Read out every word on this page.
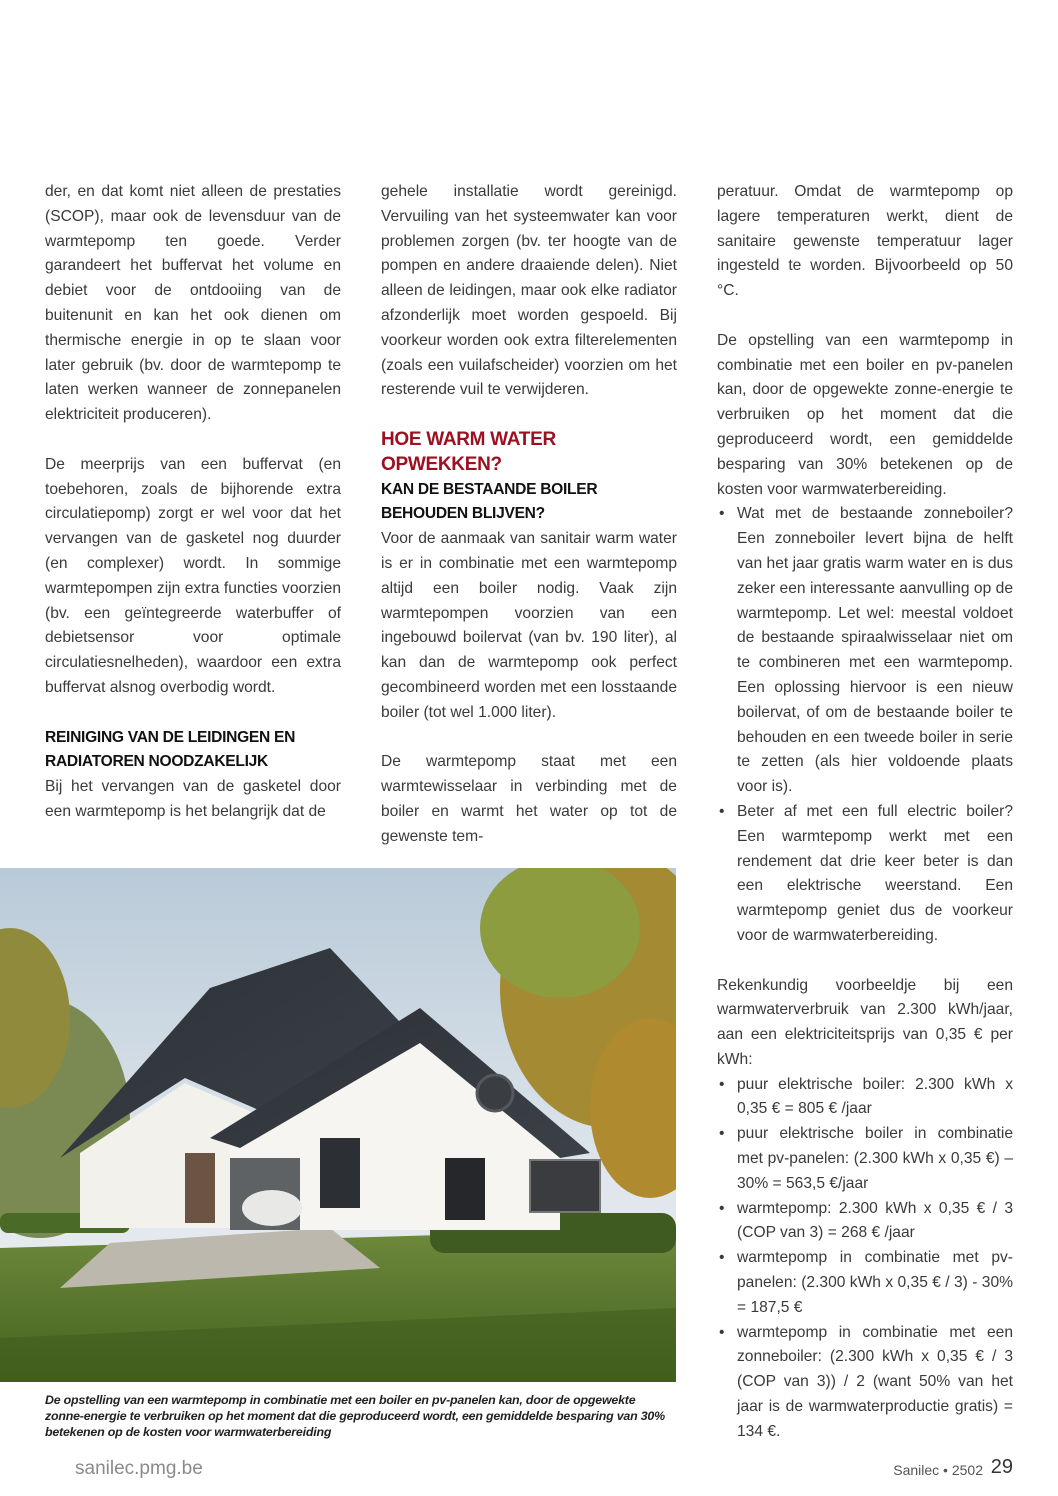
der, en dat komt niet alleen de prestaties (SCOP), maar ook de levensduur van de warmtepomp ten goede. Verder garandeert het buffervat het volume en debiet voor de ontdooiing van de buitenunit en kan het ook dienen om thermische energie in op te slaan voor later gebruik (bv. door de warmtepomp te laten werken wanneer de zonnepanelen elektriciteit produceren).

De meerprijs van een buffervat (en toebehoren, zoals de bijhorende extra circulatiepomp) zorgt er wel voor dat het vervangen van de gasketel nog duurder (en complexer) wordt. In sommige warmtepompen zijn extra functies voorzien (bv. een geïntegreerde waterbuffer of debietsensor voor optimale circulatiesnelheden), waardoor een extra buffervat alsnog overbodig wordt.

REINIGING VAN DE LEIDINGEN EN RADIATOREN NOODZAKELIJK

Bij het vervangen van de gasketel door een warmtepomp is het belangrijk dat de

gehele installatie wordt gereinigd. Vervuiling van het systeemwater kan voor problemen zorgen (bv. ter hoogte van de pompen en andere draaiende delen). Niet alleen de leidingen, maar ook elke radiator afzonderlijk moet worden gespoeld. Bij voorkeur worden ook extra filterelementen (zoals een vuilafscheider) voorzien om het resterende vuil te verwijderen.

HOE WARM WATER OPWEKKEN?
KAN DE BESTAANDE BOILER BEHOUDEN BLIJVEN?

Voor de aanmaak van sanitair warm water is er in combinatie met een warmtepomp altijd een boiler nodig. Vaak zijn warmtepompen voorzien van een ingebouwd boilervat (van bv. 190 liter), al kan dan de warmtepomp ook perfect gecombineerd worden met een losstaande boiler (tot wel 1.000 liter).

De warmtepomp staat met een warmtewisselaar in verbinding met de boiler en warmt het water op tot de gewenste tem-

peratuur. Omdat de warmtepomp op lagere temperaturen werkt, dient de sanitaire gewenste temperatuur lager ingesteld te worden. Bijvoorbeeld op 50 °C.

De opstelling van een warmtepomp in combinatie met een boiler en pv-panelen kan, door de opgewekte zonne-energie te verbruiken op het moment dat die geproduceerd wordt, een gemiddelde besparing van 30% betekenen op de kosten voor warmwaterbereiding.

• Wat met de bestaande zonneboiler? Een zonneboiler levert bijna de helft van het jaar gratis warm water en is dus zeker een interessante aanvulling op de warmtepomp. Let wel: meestal voldoet de bestaande spiraalwisselaar niet om te combineren met een warmtepomp. Een oplossing hiervoor is een nieuw boilervat, of om de bestaande boiler te behouden en een tweede boiler in serie te zetten (als hier voldoende plaats voor is).
• Beter af met een full electric boiler? Een warmtepomp werkt met een rendement dat drie keer beter is dan een elektrische weerstand. Een warmtepomp geniet dus de voorkeur voor de warmwaterbereiding.

Rekenkundig voorbeeldje bij een warmwaterverbruik van 2.300 kWh/jaar, aan een elektriciteitsprijs van 0,35 € per kWh:

• puur elektrische boiler: 2.300 kWh x 0,35 € = 805 € /jaar
• puur elektrische boiler in combinatie met pv-panelen: (2.300 kWh x 0,35 €) – 30% = 563,5 €/jaar
• warmtepomp: 2.300 kWh x 0,35 € / 3 (COP van 3) = 268 € /jaar
• warmtepomp in combinatie met pv-panelen: (2.300 kWh x 0,35 € / 3) - 30% = 187,5 €
• warmtepomp in combinatie met een zonneboiler: (2.300 kWh x 0,35 € / 3 (COP van 3)) / 2 (want 50% van het jaar is de warmwaterproductie gratis) = 134 €.
De opstelling van een warmtepomp in combinatie met een boiler en pv-panelen kan, door de opgewekte zonne-energie te verbruiken op het moment dat die geproduceerd wordt, een gemiddelde besparing van 30% betekenen op de kosten voor warmwaterbereiding
sanilec.pmg.be	Sanilec • 2502 29
